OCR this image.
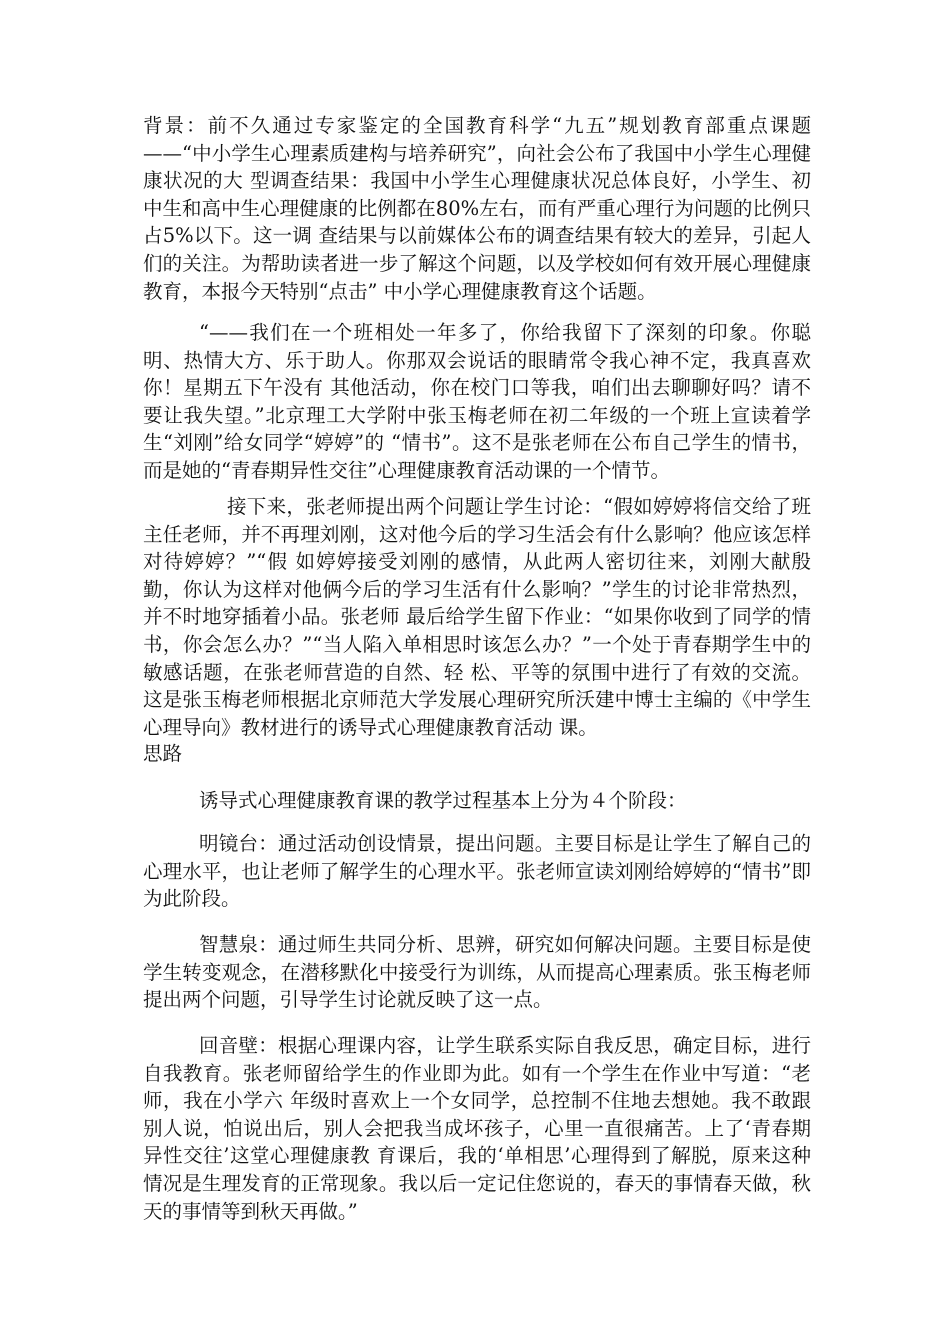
背景：前不久通过专家鉴定的全国教育科学“九五”规划教育部重点课题——“中小学生心理素质建构与培养研究”，向社会公布了我国中小学生心理健康状况的大 型调查结果：我国中小学生心理健康状况总体良好，小学生、初中生和高中生心理健康的比例都在80%左右，而有严重心理行为问题的比例只占5%以下。这一调 查结果与以前媒体公布的调查结果有较大的差异，引起人们的关注。为帮助读者进一步了解这个问题，以及学校如何有效开展心理健康教育，本报今天特别“点击” 中小学心理健康教育这个话题。

“——我们在一个班相处一年多了，你给我留下了深刻的印象。你聪明、热情大方、乐于助人。你那双会说话的眼睛常令我心神不定，我真喜欢你！星期五下午没有 其他活动，你在校门口等我，咱们出去聊聊好吗？请不要让我失望。”北京理工大学附中张玉梅老师在初二年级的一个班上宣读着学生“刘刚”给女同学“婷婷”的 “情书”。这不是张老师在公布自己学生的情书，而是她的“青春期异性交往”心理健康教育活动课的一个情节。

接下来，张老师提出两个问题让学生讨论：“假如婷婷将信交给了班主任老师，并不再理刘刚，这对他今后的学习生活会有什么影响？他应该怎样对待婷婷？”“假 如婷婷接受刘刚的感情，从此两人密切往来，刘刚大献殷勤，你认为这样对他俩今后的学习生活有什么影响？”学生的讨论非常热烈，并不时地穿插着小品。张老师 最后给学生留下作业：“如果你收到了同学的情书，你会怎么办？”“当人陷入单相思时该怎么办？”一个处于青春期学生中的敏感话题，在张老师营造的自然、轻 松、平等的氛围中进行了有效的交流。这是张玉梅老师根据北京师范大学发展心理研究所沃建中博士主编的《中学生心理导向》教材进行的诱导式心理健康教育活动 课。

思路

诱导式心理健康教育课的教学过程基本上分为４个阶段：

明镜台：通过活动创设情景，提出问题。主要目标是让学生了解自己的心理水平，也让老师了解学生的心理水平。张老师宣读刘刚给婷婷的“情书”即为此阶段。

智慧泉：通过师生共同分析、思辨，研究如何解决问题。主要目标是使学生转变观念，在潜移默化中接受行为训练，从而提高心理素质。张玉梅老师提出两个问题，引导学生讨论就反映了这一点。

回音壁：根据心理课内容，让学生联系实际自我反思，确定目标，进行自我教育。张老师留给学生的作业即为此。如有一个学生在作业中写道：“老师，我在小学六 年级时喜欢上一个女同学，总控制不住地去想她。我不敢跟别人说，怕说出后，别人会把我当成坏孩子，心里一直很痛苦。上了‘青春期异性交往’这堂心理健康教 育课后，我的‘单相思’心理得到了解脱，原来这种情况是生理发育的正常现象。我以后一定记住您说的，春天的事情春天做，秋天的事情等到秋天再做。”
